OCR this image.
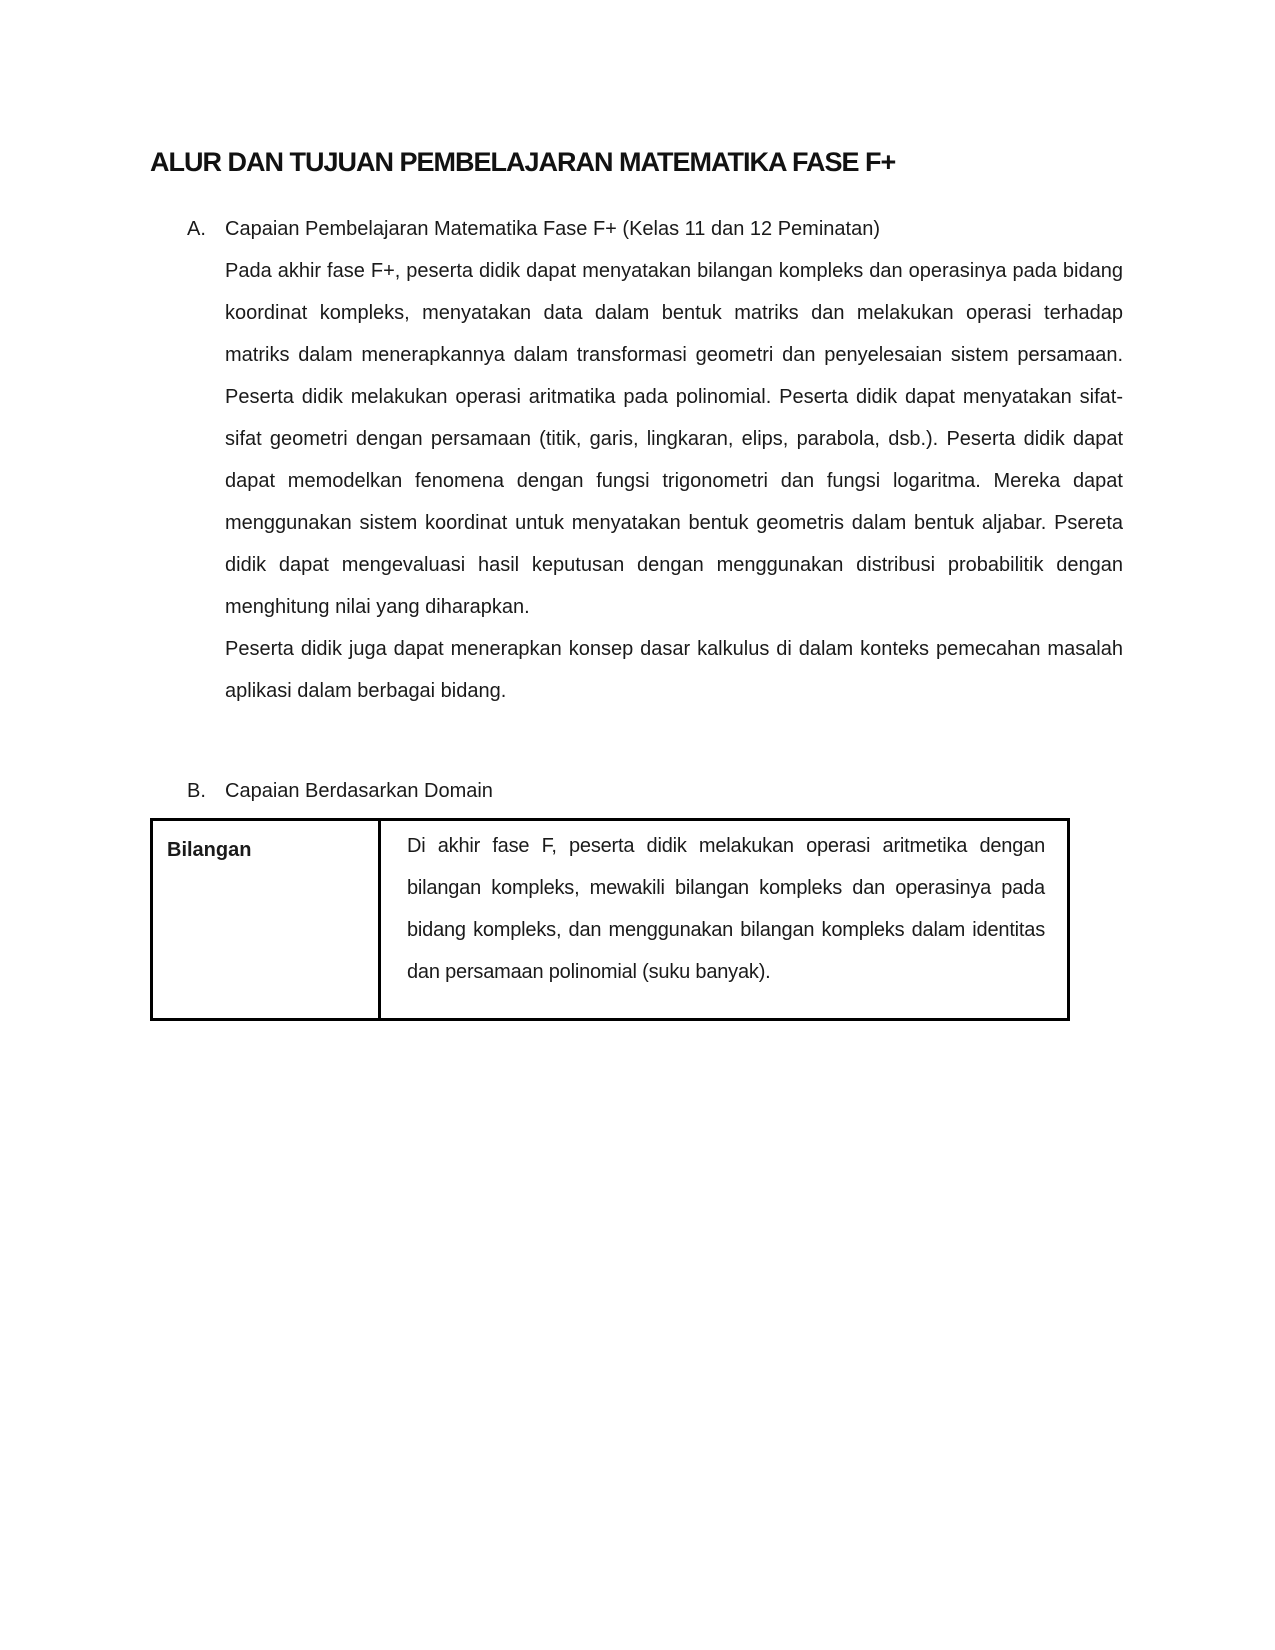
ALUR DAN TUJUAN PEMBELAJARAN MATEMATIKA FASE F+
A. Capaian Pembelajaran Matematika Fase F+ (Kelas 11 dan 12 Peminatan)

Pada akhir fase F+, peserta didik dapat menyatakan bilangan kompleks dan operasinya pada bidang koordinat kompleks, menyatakan data dalam bentuk matriks dan melakukan operasi terhadap matriks dalam menerapkannya dalam transformasi geometri dan penyelesaian sistem persamaan. Peserta didik melakukan operasi aritmatika pada polinomial. Peserta didik dapat menyatakan sifat-sifat geometri dengan persamaan (titik, garis, lingkaran, elips, parabola, dsb.). Peserta didik dapat dapat memodelkan fenomena dengan fungsi trigonometri dan fungsi logaritma. Mereka dapat menggunakan sistem koordinat untuk menyatakan bentuk geometris dalam bentuk aljabar. Psereta didik dapat mengevaluasi hasil keputusan dengan menggunakan distribusi probabilitik dengan menghitung nilai yang diharapkan.

Peserta didik juga dapat menerapkan konsep dasar kalkulus di dalam konteks pemecahan masalah aplikasi dalam berbagai bidang.

B. Capaian Berdasarkan Domain
Bilangan	Di akhir fase F, peserta didik melakukan operasi aritmetika dengan bilangan kompleks, mewakili bilangan kompleks dan operasinya pada bidang kompleks, dan menggunakan bilangan kompleks dalam identitas dan persamaan polinomial (suku banyak).
